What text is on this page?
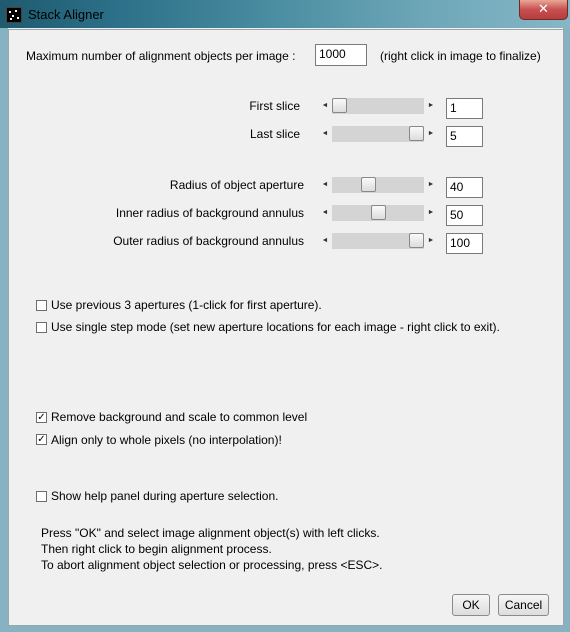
Stack Aligner	✕
Maximum number of alignment objects per image :	1000	(right click in image to finalize)
First slice	◄	►	1
Last slice	◄	►	5
Radius of object aperture	◄	►	40
Inner radius of background annulus	◄	►	50
Outer radius of background annulus	◄	►	100
Use previous 3 apertures (1-click for first aperture).
Use single step mode (set new aperture locations for each image - right click to exit).
✓ Remove background and scale to common level
✓ Align only to whole pixels (no interpolation)!
Show help panel during aperture selection.
Press "OK" and select image alignment object(s) with left clicks.
Then right click to begin alignment process.
To abort alignment object selection or processing, press <ESC>.
OK	Cancel
